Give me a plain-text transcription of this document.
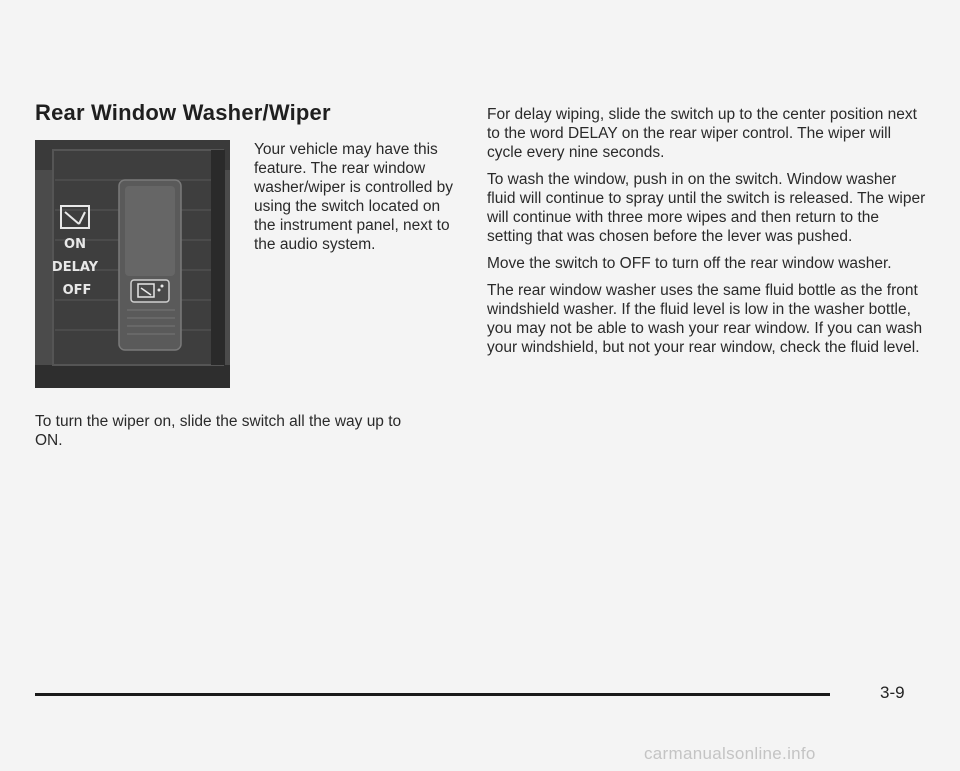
Rear Window Washer/Wiper
ON
DELAY
OFF

Your vehicle may have this feature. The rear window washer/wiper is controlled by using the switch located on the instrument panel, next to the audio system.

To turn the wiper on, slide the switch all the way up to ON.

For delay wiping, slide the switch up to the center position next to the word DELAY on the rear wiper control. The wiper will cycle every nine seconds.

To wash the window, push in on the switch. Window washer fluid will continue to spray until the switch is released. The wiper will continue with three more wipes and then return to the setting that was chosen before the lever was pushed.

Move the switch to OFF to turn off the rear window washer.

The rear window washer uses the same fluid bottle as the front windshield washer. If the fluid level is low in the washer bottle, you may not be able to wash your rear window. If you can wash your windshield, but not your rear window, check the fluid level.

3-9
carmanualsonline.info
